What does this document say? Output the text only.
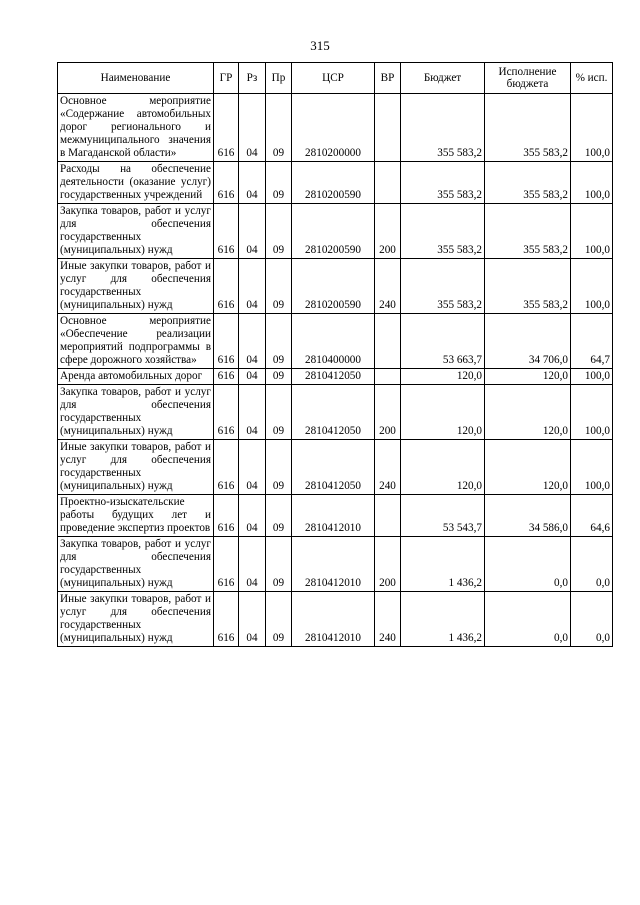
315
Наименование	ГР	Рз	Пр	ЦСР	ВР	Бюджет	Исполнение бюджета	% исп.

Основное мероприятие «Содержание автомобильных дорог регионального и межмуниципального значения в Магаданской области»	616	04	09	2810200000		355 583,2	355 583,2	100,0

Расходы на обеспечение деятельности (оказание услуг) государственных учреждений	616	04	09	2810200590		355 583,2	355 583,2	100,0

Закупка товаров, работ и услуг для обеспечения государственных (муниципальных) нужд	616	04	09	2810200590	200	355 583,2	355 583,2	100,0

Иные закупки товаров, работ и услуг для обеспечения государственных (муниципальных) нужд	616	04	09	2810200590	240	355 583,2	355 583,2	100,0

Основное мероприятие «Обеспечение реализации мероприятий подпрограммы в сфере дорожного хозяйства»	616	04	09	2810400000		53 663,7	34 706,0	64,7

Аренда автомобильных дорог	616	04	09	2810412050		120,0	120,0	100,0

Закупка товаров, работ и услуг для обеспечения государственных (муниципальных) нужд	616	04	09	2810412050	200	120,0	120,0	100,0

Иные закупки товаров, работ и услуг для обеспечения государственных (муниципальных) нужд	616	04	09	2810412050	240	120,0	120,0	100,0

Проектно-изыскательские работы будущих лет и проведение экспертиз проектов	616	04	09	2810412010		53 543,7	34 586,0	64,6

Закупка товаров, работ и услуг для обеспечения государственных (муниципальных) нужд	616	04	09	2810412010	200	1 436,2	0,0	0,0

Иные закупки товаров, работ и услуг для обеспечения государственных (муниципальных) нужд	616	04	09	2810412010	240	1 436,2	0,0	0,0
